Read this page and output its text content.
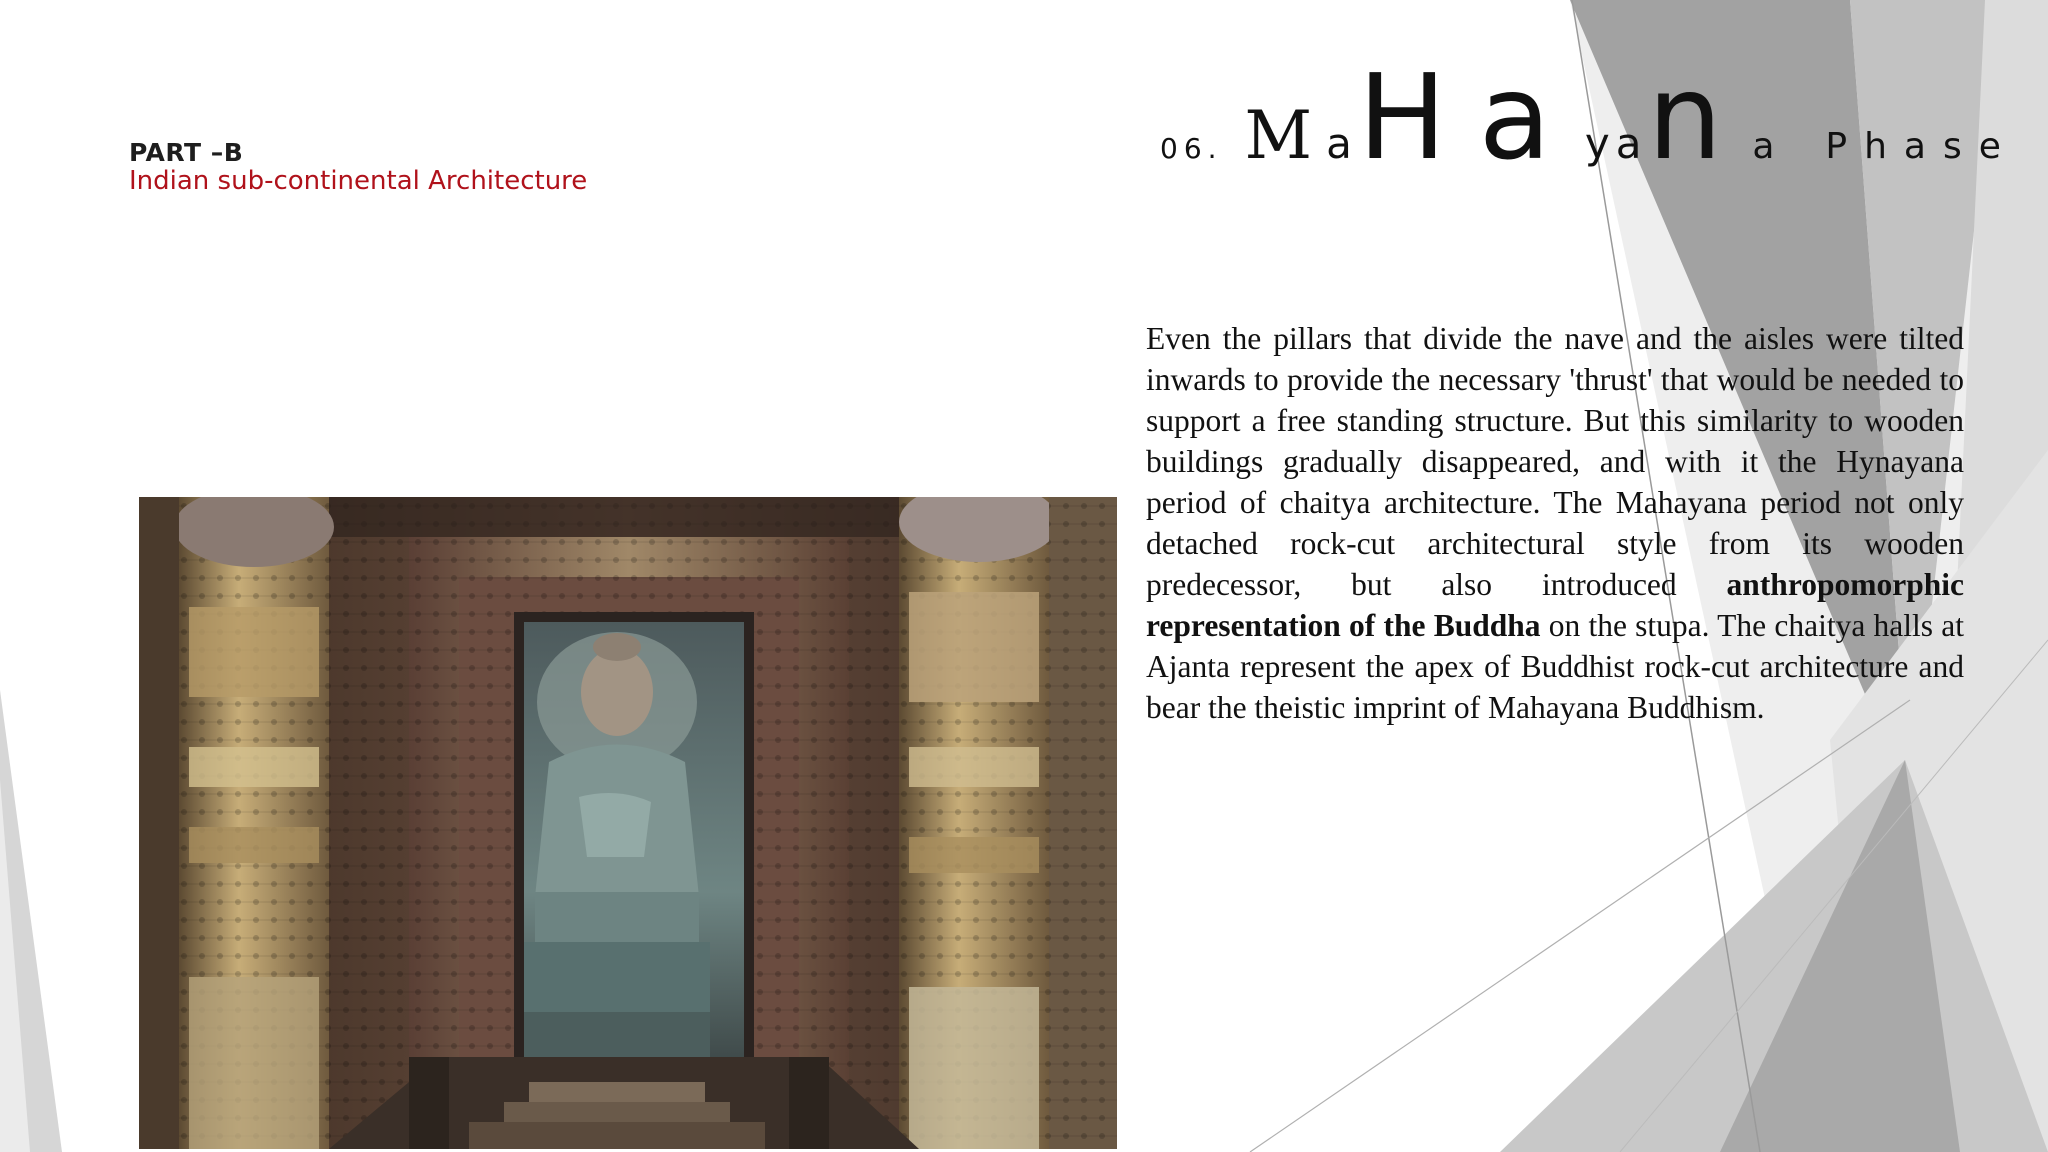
PART –B
Indian sub-continental Architecture
06. M a H a y a n a Phase

Even the pillars that divide the nave and the aisles were tilted inwards to provide the necessary 'thrust' that would be needed to support a free standing structure. But this similarity to wooden buildings gradually disappeared, and with it the Hynayana period of chaitya architecture. The Mahayana period not only detached rock-cut architectural style from its wooden predecessor, but also introduced anthropomorphic representation of the Buddha on the stupa. The chaitya halls at Ajanta represent the apex of Buddhist rock-cut architecture and bear the theistic imprint of Mahayana Buddhism.
